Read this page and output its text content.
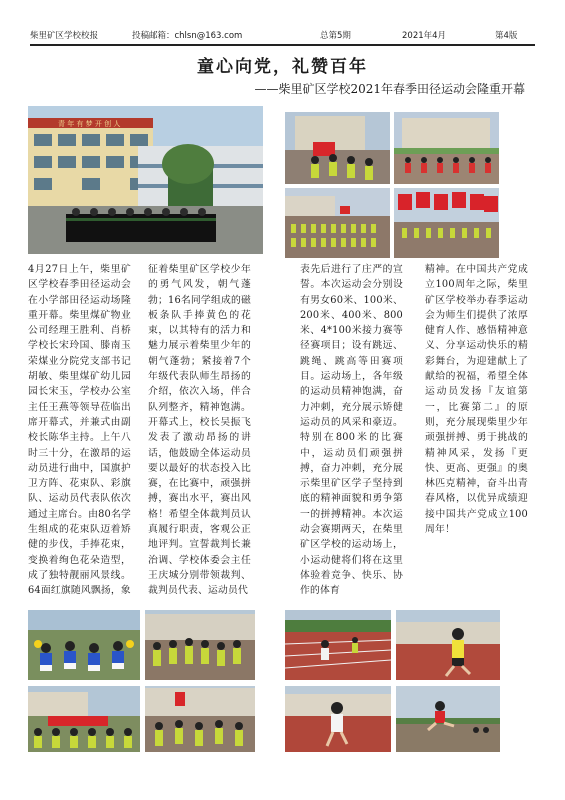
柴里矿区学校校报	投稿邮箱：chlsn@163.com	总第5期	2021年4月	第4版
童心向党，礼赞百年
——柴里矿区学校2021年春季田径运动会隆重开幕
青 年 有 梦 开 创 人
4月27日上午，柴里矿区学校春季田径运动会在小学部田径运动场隆重开幕。柴里煤矿物业公司经理王胜利、肖桥学校长宋玲国、滕南玉荣煤业分院党支部书记胡敏、柴里煤矿幼儿园园长宋玉，学校办公室主任王燕等领导莅临出席开幕式，并兼式由副校长陈华主持。上午八时三十分，在激昂的运动员进行曲中，国旗护卫方阵、花束队、彩旗队、运动员代表队依次通过主席台。由80名学生组成的花束队迈着矫健的步伐，手捧花束，变换着绚色花朵造型，成了独特靓丽风景线。64面红旗随风飘扬，象
征着柴里矿区学校少年的勇气风发，朝气蓬勃；16名同学组成的磁板条队手捧黄色的花束，以其特有的活力和魅力展示着柴里少年的朝气蓬勃；紧接着7个年级代表队师生昂扬的介绍，依次入场，伴合队列整齐，精神饱满。开幕式上，校长吴振飞发表了激动昂扬的讲话，他鼓励全体运动员要以最好的状态投入比赛，在比赛中，顽强拼搏，赛出水平，赛出风格！希望全体裁判员认真履行职责，客观公正地评判。宣誓裁判长兼治调、学校体委会主任王庆城分别带领裁判、裁判员代表、运动员代
表先后进行了庄严的宣誓。本次运动会分别设有男女60米、100米、200米、400米、800米、4*100米接力赛等径赛项目；设有跳远、跳绳、跳高等田赛项目。运动场上，各年级的运动员精神饱满，奋力冲刺，充分展示矫健运动员的风采和豪迈。特别在800米的比赛中，运动员们顽强拼搏，奋力冲刺，充分展示柴里矿区学子坚持到底的精神面貌和勇争第一的拼搏精神。本次运动会赛期两天，在柴里矿区学校的运动场上，小运动健将们将在这里体验着竞争、快乐、协作的体育
精神。在中国共产党成立100周年之际，柴里矿区学校举办春季运动会为师生们提供了浓厚健育人作、感悟精神意义、分享运动快乐的精彩舞台，为迎建献上了献给的祝福，希望全体运动员发扬『友谊第一，比赛第二』的原则，充分展现柴里少年顽强拼搏、勇于挑战的精神风采，发扬『更快、更高、更强』的奥林匹克精神，奋斗出青春风格，以优异成绩迎接中国共产党成立100周年！
